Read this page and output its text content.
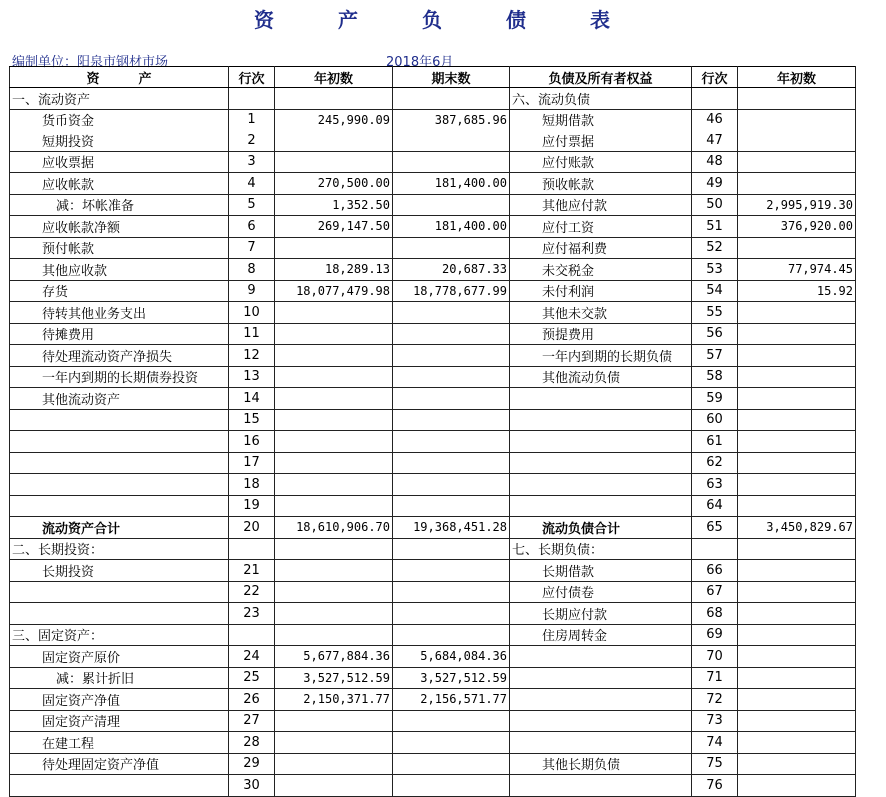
资　产　负　债　表
编制单位：阳泉市钢材市场	2018年6月
资　　　产	行次	年初数	期末数	负债及所有者权益	行次	年初数
一、流动资产				六、流动负债		
货币资金	1	245,990.09	387,685.96	短期借款	46	
短期投资	2			应付票据	47	
应收票据	3			应付账款	48	
应收帐款	4	270,500.00	181,400.00	预收帐款	49	
减：坏帐准备	5	1,352.50		其他应付款	50	2,995,919.30
应收帐款净额	6	269,147.50	181,400.00	应付工资	51	376,920.00
预付帐款	7			应付福利费	52	
其他应收款	8	18,289.13	20,687.33	未交税金	53	77,974.45
存货	9	18,077,479.98	18,778,677.99	未付利润	54	15.92
待转其他业务支出	10			其他未交款	55	
待摊费用	11			预提费用	56	
待处理流动资产净损失	12			一年内到期的长期负债	57	
一年内到期的长期债券投资	13			其他流动负债	58	
其他流动资产	14				59	
	15				60	
	16				61	
	17				62	
	18				63	
	19				64	
流动资产合计	20	18,610,906.70	19,368,451.28	流动负债合计	65	3,450,829.67
二、长期投资：				七、长期负债：		
长期投资	21			长期借款	66	
	22			应付债卷	67	
	23			长期应付款	68	
三、固定资产：				住房周转金	69	
固定资产原价	24	5,677,884.36	5,684,084.36		70	
减：累计折旧	25	3,527,512.59	3,527,512.59		71	
固定资产净值	26	2,150,371.77	2,156,571.77		72	
固定资产清理	27				73	
在建工程	28				74	
待处理固定资产净值	29			其他长期负债	75	
	30				76	
